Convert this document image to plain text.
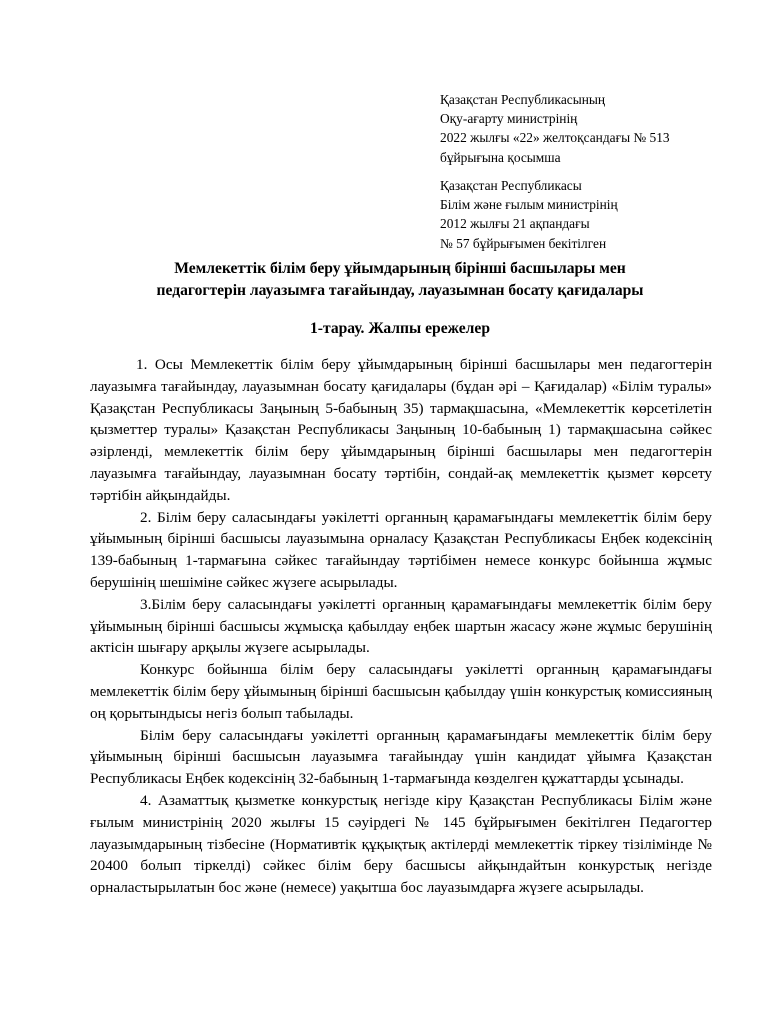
Қазақстан Республикасының
Оқу-ағарту министрінің
2022 жылғы «22» желтоқсандағы № 513
бұйрығына қосымша
Қазақстан Республикасы
Білім және ғылым министрінің
2012 жылғы 21 ақпандағы
№ 57 бұйрығымен бекітілген
Мемлекеттік білім беру ұйымдарының бірінші басшылары мен
педагогтерін лауазымға тағайындау, лауазымнан босату қағидалары
1-тарау. Жалпы ережелер

1. Осы Мемлекеттік білім беру ұйымдарының бірінші басшылары мен педагогтерін лауазымға тағайындау, лауазымнан босату қағидалары (бұдан әрі – Қағидалар) «Білім туралы» Қазақстан Республикасы Заңының 5-бабының 35) тармақшасына, «Мемлекеттік көрсетілетін қызметтер туралы» Қазақстан Республикасы Заңының 10-бабының 1) тармақшасына сәйкес әзірленді, мемлекеттік білім беру ұйымдарының бірінші басшылары мен педагогтерін лауазымға тағайындау, лауазымнан босату тәртібін, сондай-ақ мемлекеттік қызмет көрсету тәртібін айқындайды.

2. Білім беру саласындағы уәкілетті органның қарамағындағы мемлекеттік білім беру ұйымының бірінші басшысы лауазымына орналасу Қазақстан Республикасы Еңбек кодексінің 139-бабының 1-тармағына сәйкес тағайындау тәртібімен немесе конкурс бойынша жұмыс берушінің шешіміне сәйкес жүзеге асырылады.

3.Білім беру саласындағы уәкілетті органның қарамағындағы мемлекеттік білім беру ұйымының бірінші басшысы жұмысқа қабылдау еңбек шартын жасасу және жұмыс берушінің актісін шығару арқылы жүзеге асырылады.

Конкурс бойынша білім беру саласындағы уәкілетті органның қарамағындағы мемлекеттік білім беру ұйымының бірінші басшысын қабылдау үшін конкурстық комиссияның оң қорытындысы негіз болып табылады.

Білім беру саласындағы уәкілетті органның қарамағындағы мемлекеттік білім беру ұйымының бірінші басшысын лауазымға тағайындау үшін кандидат ұйымға Қазақстан Республикасы Еңбек кодексінің 32-бабының 1-тармағында көзделген құжаттарды ұсынады.

4. Азаматтық қызметке конкурстық негізде кіру Қазақстан Республикасы Білім және ғылым министрінің 2020 жылғы 15 сәуірдегі № 145 бұйрығымен бекітілген Педагогтер лауазымдарының тізбесіне (Нормативтік құқықтық актілерді мемлекеттік тіркеу тізілімінде № 20400 болып тіркелді) сәйкес білім беру басшысы айқындайтын конкурстық негізде орналастырылатын бос және (немесе) уақытша бос лауазымдарға жүзеге асырылады.
